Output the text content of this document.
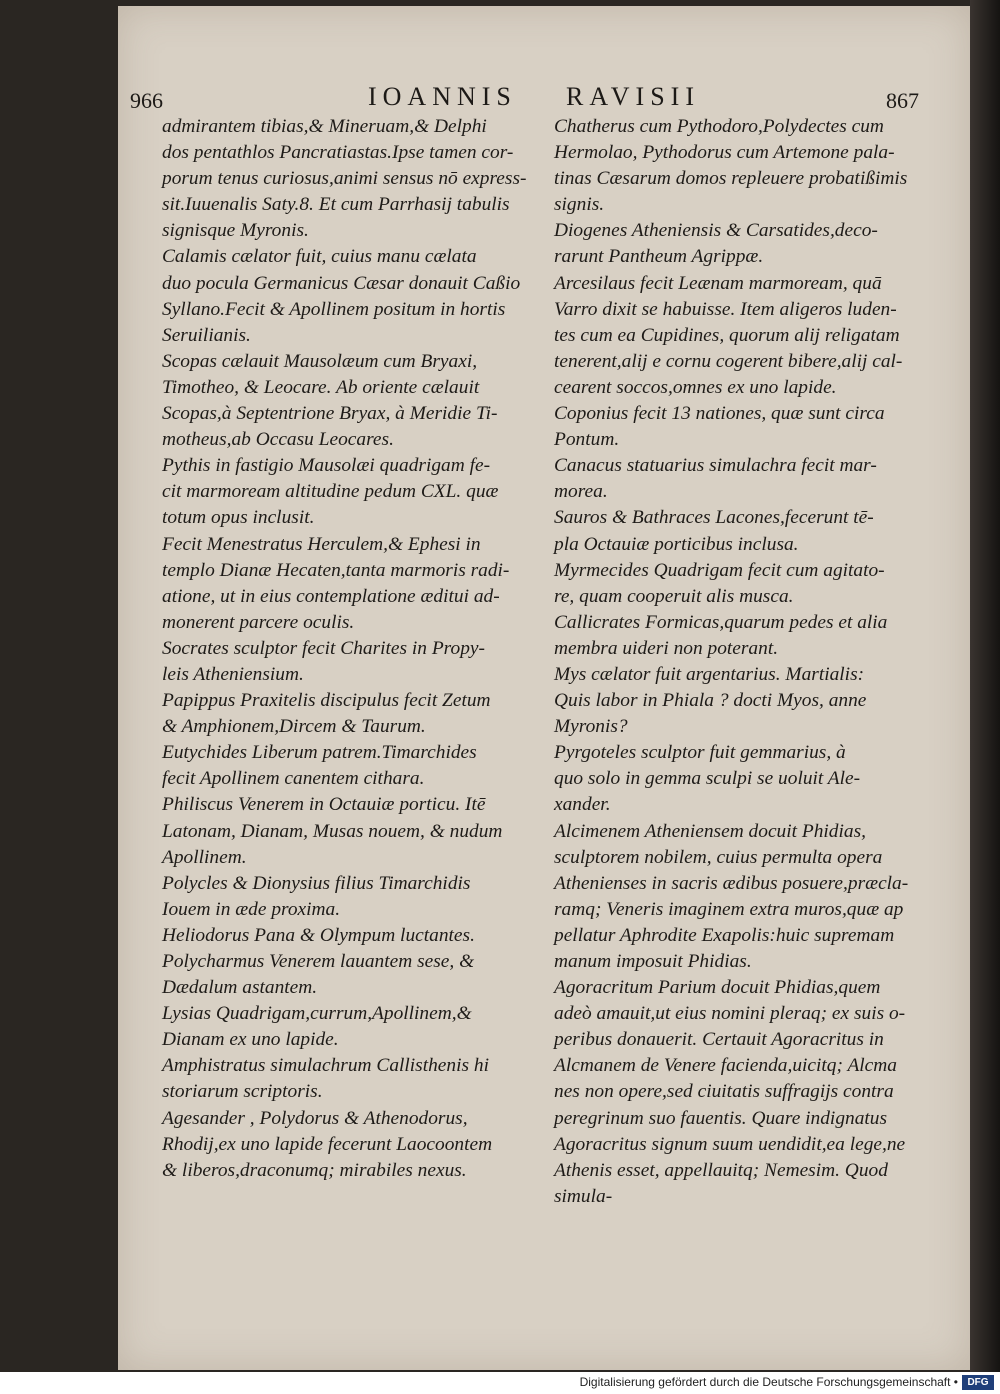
966	IOANNIS RAVISII	867
admirantem tibias,& Mineruam,& Delphi
dos pentathlos Pancratiastas.Ipse tamen cor-
porum tenus curiosus,animi sensus nō express-
sit.Iuuenalis Saty.8. Et cum Parrhasij tabulis
signisque Myronis.
Calamis cælator fuit, cuius manu cælata
duo pocula Germanicus Cæsar donauit Caßio
Syllano.Fecit & Apollinem positum in hortis
Seruilianis.
Scopas cælauit Mausolæum cum Bryaxi,
Timotheo, & Leocare. Ab oriente cælauit
Scopas,à Septentrione Bryax, à Meridie Ti-
motheus,ab Occasu Leocares.
Pythis in fastigio Mausolæi quadrigam fe-
cit marmoream altitudine pedum CXL. quæ
totum opus inclusit.
Fecit Menestratus Herculem,& Ephesi in
templo Dianæ Hecaten,tanta marmoris radi-
atione, ut in eius contemplatione æditui ad-
monerent parcere oculis.
Socrates sculptor fecit Charites in Propy-
leis Atheniensium.
Papippus Praxitelis discipulus fecit Zetum
& Amphionem,Dircem & Taurum.
Eutychides Liberum patrem.Timarchides
fecit Apollinem canentem cithara.
Philiscus Venerem in Octauiæ porticu. Itē
Latonam, Dianam, Musas nouem, & nudum
Apollinem.
Polycles & Dionysius filius Timarchidis
Iouem in æde proxima.
Heliodorus Pana & Olympum luctantes.
Polycharmus Venerem lauantem sese, &
Dædalum astantem.
Lysias Quadrigam,currum,Apollinem,&
Dianam ex uno lapide.
Amphistratus simulachrum Callisthenis hi
storiarum scriptoris.
Agesander , Polydorus & Athenodorus,
Rhodij,ex uno lapide fecerunt Laocoontem
& liberos,draconumq; mirabiles nexus.
Chatherus cum Pythodoro,Polydectes cum
Hermolao, Pythodorus cum Artemone pala-
tinas Cæsarum domos repleuere probatißimis
signis.
Diogenes Atheniensis & Carsatides,deco-
rarunt Pantheum Agrippæ.
Arcesilaus fecit Leænam marmoream, quā
Varro dixit se habuisse. Item aligeros luden-
tes cum ea Cupidines, quorum alij religatam
tenerent,alij e cornu cogerent bibere,alij cal-
cearent soccos,omnes ex uno lapide.
Coponius fecit 13 nationes, quæ sunt circa
Pontum.
Canacus statuarius simulachra fecit mar-
morea.
Sauros & Bathraces Lacones,fecerunt tē-
pla Octauiæ porticibus inclusa.
Myrmecides Quadrigam fecit cum agitato-
re, quam cooperuit alis musca.
Callicrates Formicas,quarum pedes et alia
membra uideri non poterant.
Mys cælator fuit argentarius. Martialis:
Quis labor in Phiala ? docti Myos, anne
Myronis?
Pyrgoteles sculptor fuit gemmarius, à
quo solo in gemma sculpi se uoluit Ale-
xander.
Alcimenem Atheniensem docuit Phidias,
sculptorem nobilem, cuius permulta opera
Athenienses in sacris ædibus posuere,præcla-
ramq; Veneris imaginem extra muros,quæ ap
pellatur Aphrodite Exapolis:huic supremam
manum imposuit Phidias.
Agoracritum Parium docuit Phidias,quem
adeò amauit,ut eius nomini pleraq; ex suis o-
peribus donauerit. Certauit Agoracritus in
Alcmanem de Venere facienda,uicitq; Alcma
nes non opere,sed ciuitatis suffragijs contra
peregrinum suo fauentis. Quare indignatus
Agoracritus signum suum uendidit,ea lege,ne
Athenis esset, appellauitq; Nemesim. Quod
simula-
Digitalisierung gefördert durch die Deutsche Forschungsgemeinschaft • DFG
